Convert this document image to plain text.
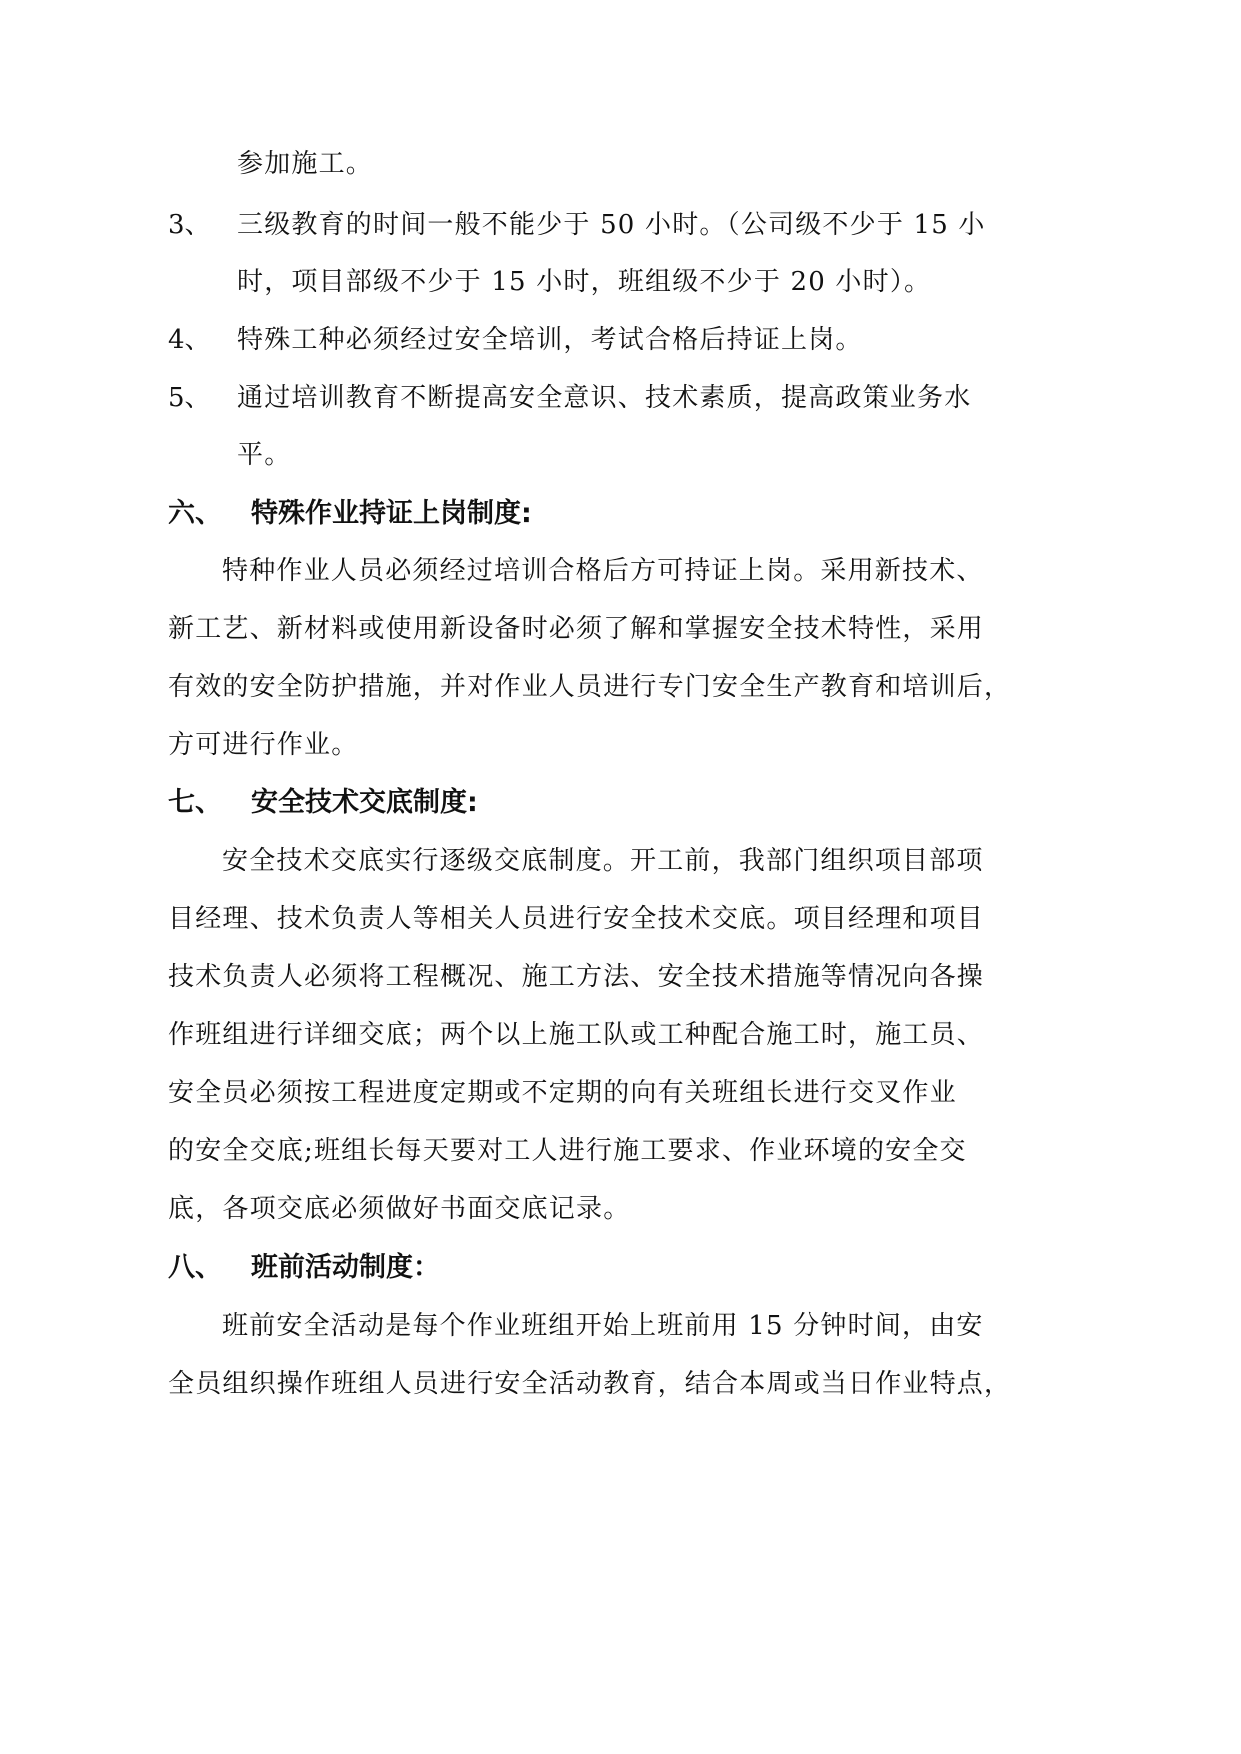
参加施工。
3、 三级教育的时间一般不能少于 50 小时。（公司级不少于 15 小
时，项目部级不少于 15 小时，班组级不少于 20 小时）。
4、 特殊工种必须经过安全培训，考试合格后持证上岗。
5、 通过培训教育不断提高安全意识、技术素质，提高政策业务水
平。
六、 特殊作业持证上岗制度:
特种作业人员必须经过培训合格后方可持证上岗。采用新技术、
新工艺、新材料或使用新设备时必须了解和掌握安全技术特性，采用
有效的安全防护措施，并对作业人员进行专门安全生产教育和培训后，
方可进行作业。
七、 安全技术交底制度:
安全技术交底实行逐级交底制度。开工前，我部门组织项目部项
目经理、技术负责人等相关人员进行安全技术交底。项目经理和项目
技术负责人必须将工程概况、施工方法、安全技术措施等情况向各操
作班组进行详细交底；两个以上施工队或工种配合施工时，施工员、
安全员必须按工程进度定期或不定期的向有关班组长进行交叉作业
的安全交底;班组长每天要对工人进行施工要求、作业环境的安全交
底，各项交底必须做好书面交底记录。
八、 班前活动制度：
班前安全活动是每个作业班组开始上班前用 15 分钟时间，由安
全员组织操作班组人员进行安全活动教育，结合本周或当日作业特点，
